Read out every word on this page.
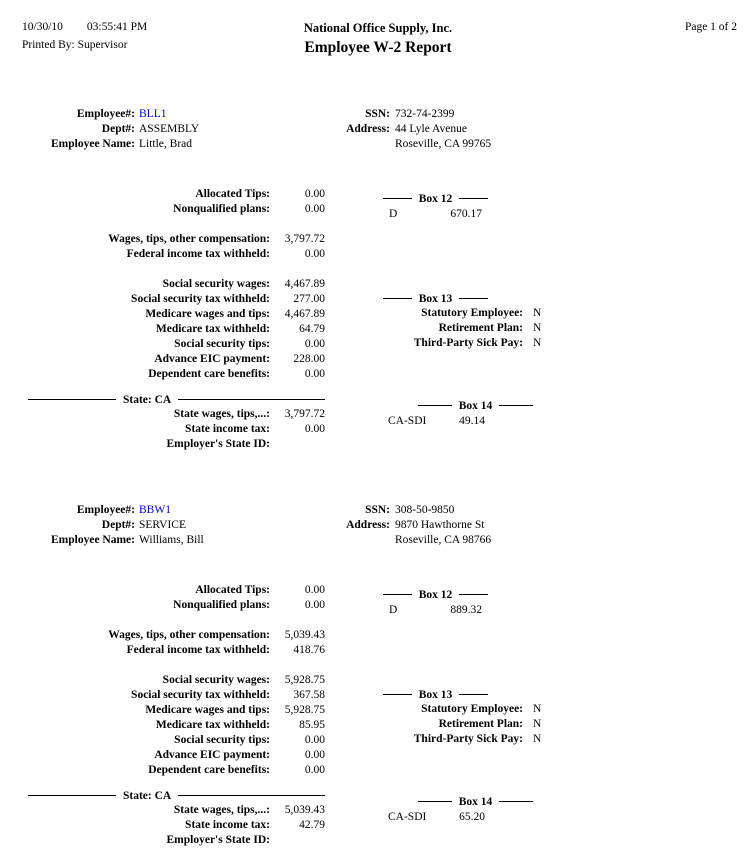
10/30/10 03:55:41 PM
Printed By: Supervisor
National Office Supply, Inc.
Employee W-2 Report
Page 1 of 2
Employee#: BLL1
Dept#: ASSEMBLY
Employee Name: Little, Brad
SSN: 732-74-2399
Address: 44 Lyle Avenue
Roseville, CA 99765
Allocated Tips:	0.00
Nonqualified plans:	0.00
Wages, tips, other compensation:	3,797.72
Federal income tax withheld:	0.00
Social security wages:	4,467.89
Social security tax withheld:	277.00
Medicare wages and tips:	4,467.89
Medicare tax withheld:	64.79
Social security tips:	0.00
Advance EIC payment:	228.00
Dependent care benefits:	0.00
State: CA
State wages, tips,...:	3,797.72
State income tax:	0.00
Employer's State ID:
Box 12
D	670.17
Box 13
Statutory Employee: N
Retirement Plan: N
Third-Party Sick Pay: N
Box 14
CA-SDI	49.14
Employee#: BBW1
Dept#: SERVICE
Employee Name: Williams, Bill
SSN: 308-50-9850
Address: 9870 Hawthorne St
Roseville, CA 98766
Allocated Tips:	0.00
Nonqualified plans:	0.00
Wages, tips, other compensation:	5,039.43
Federal income tax withheld:	418.76
Social security wages:	5,928.75
Social security tax withheld:	367.58
Medicare wages and tips:	5,928.75
Medicare tax withheld:	85.95
Social security tips:	0.00
Advance EIC payment:	0.00
Dependent care benefits:	0.00
State: CA
State wages, tips,...:	5,039.43
State income tax:	42.79
Employer's State ID:
Box 12
D	889.32
Box 13
Statutory Employee: N
Retirement Plan: N
Third-Party Sick Pay: N
Box 14
CA-SDI	65.20
